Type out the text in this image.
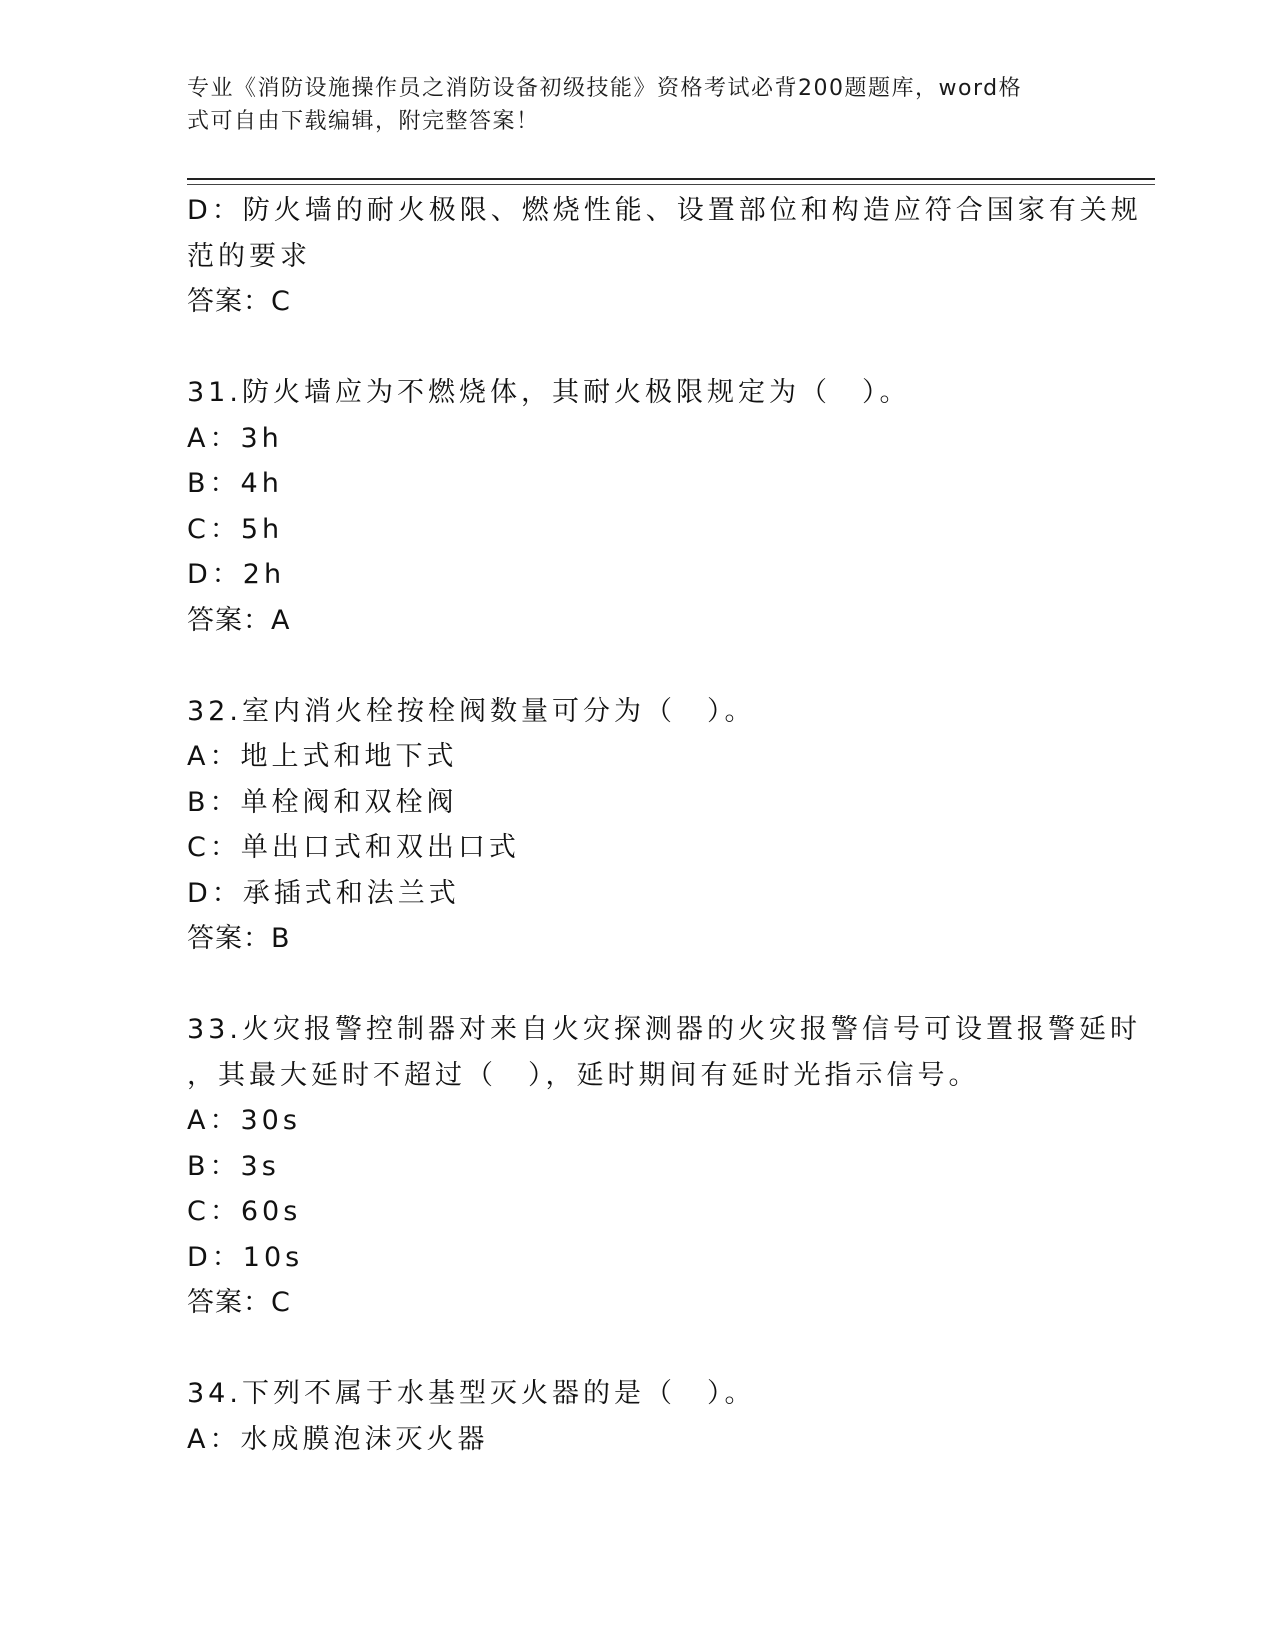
专业《消防设施操作员之消防设备初级技能》资格考试必背200题题库，word格
式可自由下载编辑，附完整答案！
D：防火墙的耐火极限、燃烧性能、设置部位和构造应符合国家有关规
范的要求
答案：C
31.防火墙应为不燃烧体，其耐火极限规定为（　）。
A：3h
B：4h
C：5h
D：2h
答案：A
32.室内消火栓按栓阀数量可分为（　）。
A：地上式和地下式
B：单栓阀和双栓阀
C：单出口式和双出口式
D：承插式和法兰式
答案：B
33.火灾报警控制器对来自火灾探测器的火灾报警信号可设置报警延时
，其最大延时不超过（　），延时期间有延时光指示信号。
A：30s
B：3s
C：60s
D：10s
答案：C
34.下列不属于水基型灭火器的是（　）。
A：水成膜泡沫灭火器
